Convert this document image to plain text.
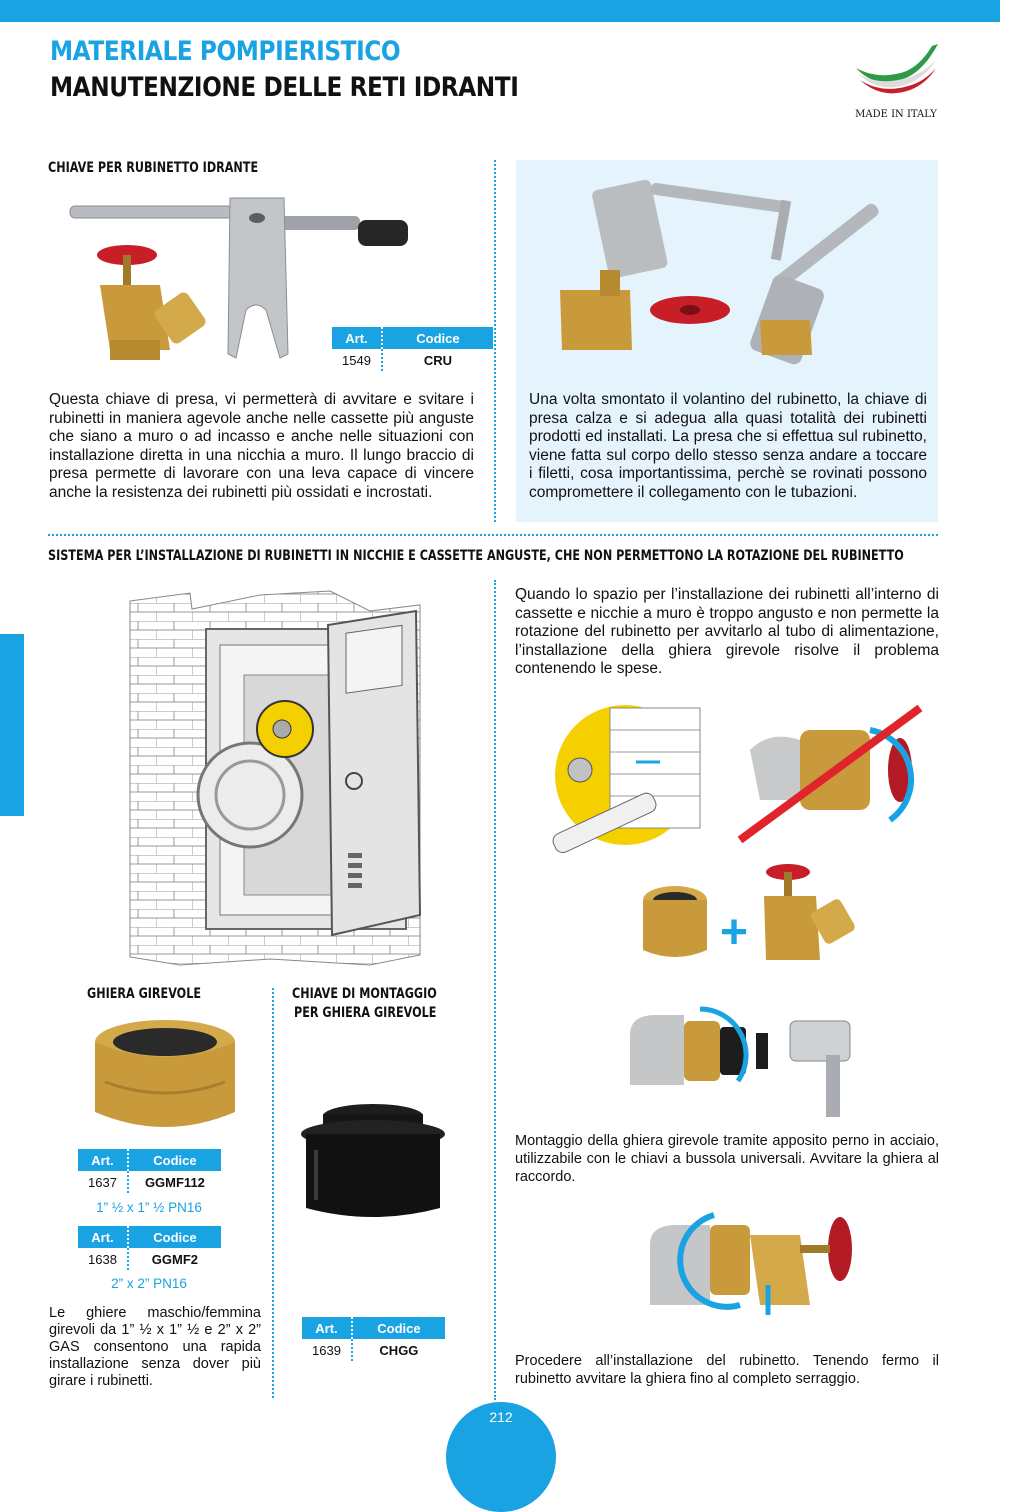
MATERIALE POMPIERISTICO
MANUTENZIONE DELLE RETI IDRANTI
MADE IN ITALY
CHIAVE PER RUBINETTO IDRANTE
Art.	Codice
1549	CRU

Questa chiave di presa, vi permetterà di avvitare e svitare i rubinetti in maniera agevole anche nelle cassette più anguste che siano a muro o ad incasso e anche nelle situazioni con installazione diretta in una nicchia a muro. Il lungo braccio di presa permette di lavorare con una leva capace di vincere anche la resistenza dei rubinetti più ossidati e incrostati.

Una volta smontato il volantino del rubinetto, la chiave di presa calza e si adegua alla quasi totalità dei rubinetti prodotti ed installati. La presa che si effettua sul rubinetto, viene fatta sul corpo dello stesso senza andare a toccare i filetti, cosa importantissima, perchè se rovinati possono compromettere il collegamento con le tubazioni.

SISTEMA PER L’INSTALLAZIONE DI RUBINETTI IN NICCHIE E CASSETTE ANGUSTE, CHE NON PERMETTONO LA ROTAZIONE DEL RUBINETTO

Quando lo spazio per l’installazione dei rubinetti all’interno di cassette e nicchie a muro è troppo angusto e non permette la rotazione del rubinetto per avvitarlo al tubo di alimentazione, l’installazione della ghiera girevole risolve il problema contenendo le spese.

+

Montaggio della ghiera girevole tramite apposito perno in acciaio, utilizzabile con le chiavi a bussola universali. Avvitare la ghiera al raccordo.

Procedere all’installazione del rubinetto. Tenendo fermo il rubinetto avvitare la ghiera fino al completo serraggio.

GHIERA GIREVOLE
Art.	Codice
1637	GGMF112
1” ½ x 1” ½ PN16
Art.	Codice
1638	GGMF2
2” x 2” PN16

Le ghiere maschio/femmina girevoli da 1” ½ x 1” ½ e 2” x 2” GAS consentono una rapida installazione senza dover più girare i rubinetti.

CHIAVE DI MONTAGGIO
PER GHIERA GIREVOLE
Art.	Codice
1639	CHGG
212
